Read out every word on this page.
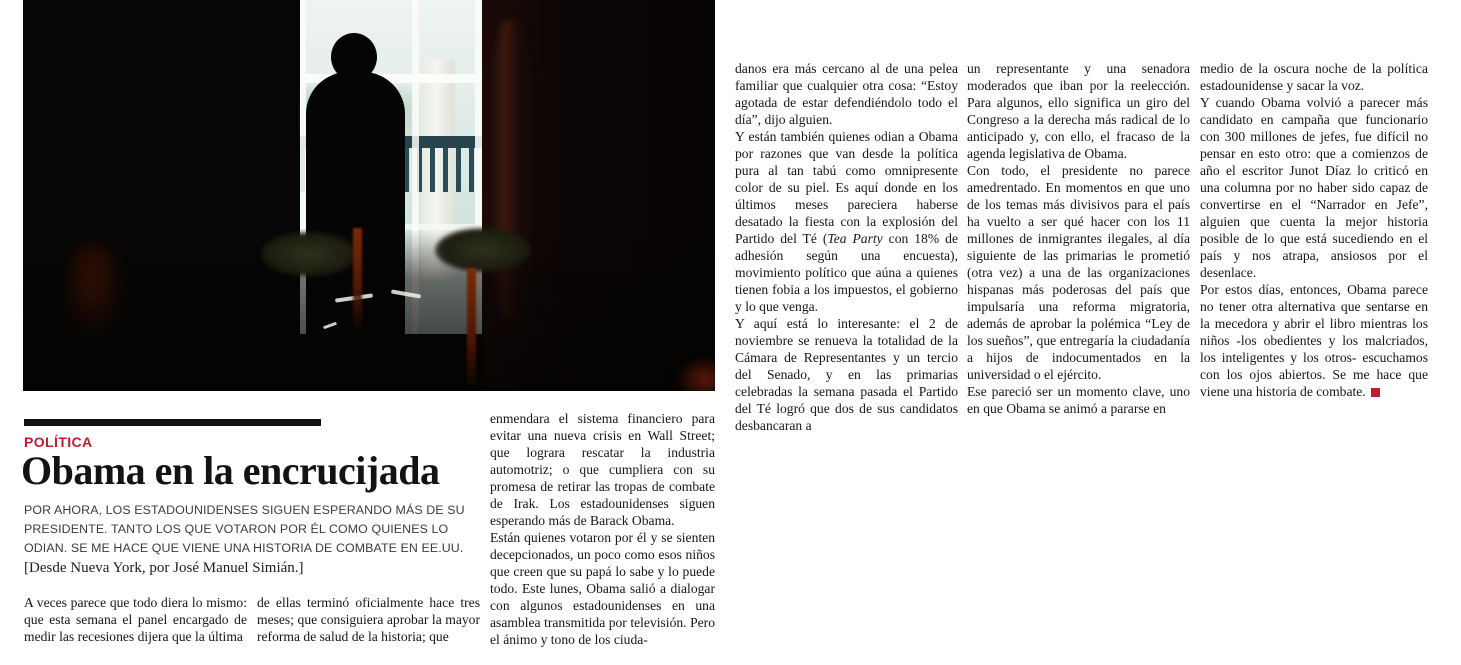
POLÍTICA
Obama en la encrucijada
POR AHORA, LOS ESTADOUNIDENSES SIGUEN ESPERANDO MÁS DE SU PRESIDENTE. TANTO LOS QUE VOTARON POR ÉL COMO QUIENES LO ODIAN. SE ME HACE QUE VIENE UNA HISTORIA DE COMBATE EN EE.UU.
[Desde Nueva York, por José Manuel Simián.]

A veces parece que todo diera lo mismo: que esta semana el panel encargado de medir las recesiones dijera que la última

de ellas terminó oficialmente hace tres meses; que consiguiera aprobar la mayor reforma de salud de la historia; que

enmendara el sistema financiero para evitar una nueva crisis en Wall Street; que lograra rescatar la industria automotriz; o que cumpliera con su promesa de retirar las tropas de combate de Irak. Los estadounidenses siguen esperando más de Barack Obama.

Están quienes votaron por él y se sienten decepcionados, un poco como esos niños que creen que su papá lo sabe y lo puede todo. Este lunes, Obama salió a dialogar con algunos estadounidenses en una asamblea transmitida por televisión. Pero el ánimo y tono de los ciuda-

danos era más cercano al de una pelea familiar que cualquier otra cosa: “Estoy agotada de estar defendiéndolo todo el día”, dijo alguien.

Y están también quienes odian a Obama por razones que van desde la política pura al tan tabú como omnipresente color de su piel. Es aquí donde en los últimos meses pareciera haberse desatado la fiesta con la explosión del Partido del Té (Tea Party con 18% de adhesión según una encuesta), movimiento político que aúna a quienes tienen fobia a los impuestos, el gobierno y lo que venga.

Y aquí está lo interesante: el 2 de noviembre se renueva la totalidad de la Cámara de Representantes y un tercio del Senado, y en las primarias celebradas la semana pasada el Partido del Té logró que dos de sus candidatos desbancaran a

un representante y una senadora moderados que iban por la reelección. Para algunos, ello significa un giro del Congreso a la derecha más radical de lo anticipado y, con ello, el fracaso de la agenda legislativa de Obama.

Con todo, el presidente no parece amedrentado. En momentos en que uno de los temas más divisivos para el país ha vuelto a ser qué hacer con los 11 millones de inmigrantes ilegales, al día siguiente de las primarias le prometió (otra vez) a una de las organizaciones hispanas más poderosas del país que impulsaría una reforma migratoria, además de aprobar la polémica “Ley de los sueños”, que entregaría la ciudadanía a hijos de indocumentados en la universidad o el ejército.

Ese pareció ser un momento clave, uno en que Obama se animó a pararse en

medio de la oscura noche de la política estadounidense y sacar la voz.

Y cuando Obama volvió a parecer más candidato en campaña que funcionario con 300 millones de jefes, fue difícil no pensar en esto otro: que a comienzos de año el escritor Junot Díaz lo criticó en una columna por no haber sido capaz de convertirse en el “Narrador en Jefe”, alguien que cuenta la mejor historia posible de lo que está sucediendo en el país y nos atrapa, ansiosos por el desenlace.

Por estos días, entonces, Obama parece no tener otra alternativa que sentarse en la mecedora y abrir el libro mientras los niños -los obedientes y los malcriados, los inteligentes y los otros- escuchamos con los ojos abiertos. Se me hace que viene una historia de combate.
